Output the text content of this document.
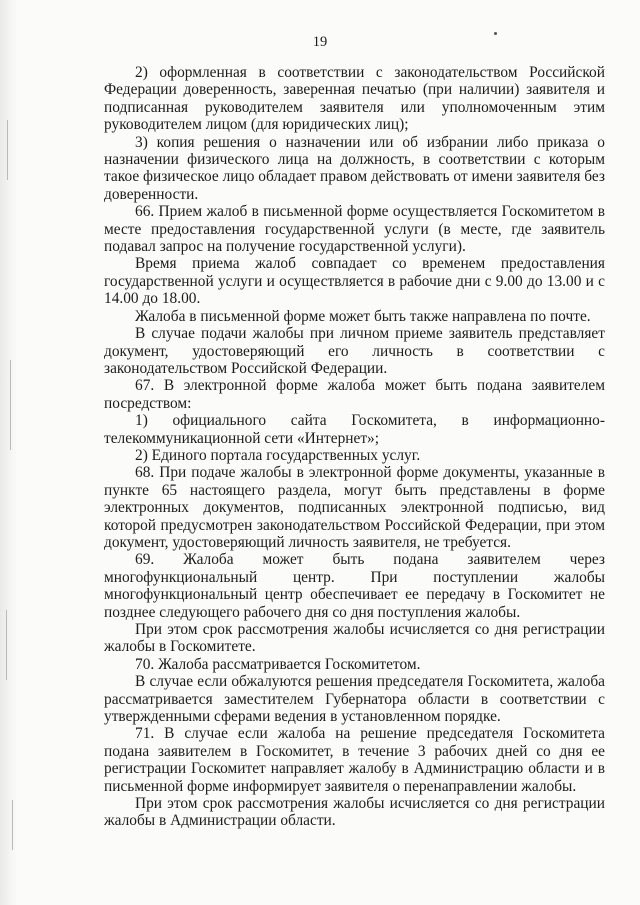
19

2) оформленная в соответствии с законодательством Российской Федерации доверенность, заверенная печатью (при наличии) заявителя и подписанная руководителем заявителя или уполномоченным этим руководителем лицом (для юридических лиц);

3) копия решения о назначении или об избрании либо приказа о назначении физического лица на должность, в соответствии с которым такое физическое лицо обладает правом действовать от имени заявителя без доверенности.

66. Прием жалоб в письменной форме осуществляется Госкомитетом в месте предоставления государственной услуги (в месте, где заявитель подавал запрос на получение государственной услуги).

Время приема жалоб совпадает со временем предоставления государственной услуги и осуществляется в рабочие дни с 9.00 до 13.00 и с 14.00 до 18.00.

Жалоба в письменной форме может быть также направлена по почте.

В случае подачи жалобы при личном приеме заявитель представляет документ, удостоверяющий его личность в соответствии с законодательством Российской Федерации.

67. В электронной форме жалоба может быть подана заявителем посредством:

1) официального сайта Госкомитета, в информационно-телекоммуникационной сети «Интернет»;

2) Единого портала государственных услуг.

68. При подаче жалобы в электронной форме документы, указанные в пункте 65 настоящего раздела, могут быть представлены в форме электронных документов, подписанных электронной подписью, вид которой предусмотрен законодательством Российской Федерации, при этом документ, удостоверяющий личность заявителя, не требуется.

69. Жалоба может быть подана заявителем через многофункциональный центр. При поступлении жалобы многофункциональный центр обеспечивает ее передачу в Госкомитет не позднее следующего рабочего дня со дня поступления жалобы.

При этом срок рассмотрения жалобы исчисляется со дня регистрации жалобы в Госкомитете.

70. Жалоба рассматривается Госкомитетом.

В случае если обжалуются решения председателя Госкомитета, жалоба рассматривается заместителем Губернатора области в соответствии с утвержденными сферами ведения в установленном порядке.

71. В случае если жалоба на решение председателя Госкомитета подана заявителем в Госкомитет, в течение 3 рабочих дней со дня ее регистрации Госкомитет направляет жалобу в Администрацию области и в письменной форме информирует заявителя о перенаправлении жалобы.

При этом срок рассмотрения жалобы исчисляется со дня регистрации жалобы в Администрации области.
